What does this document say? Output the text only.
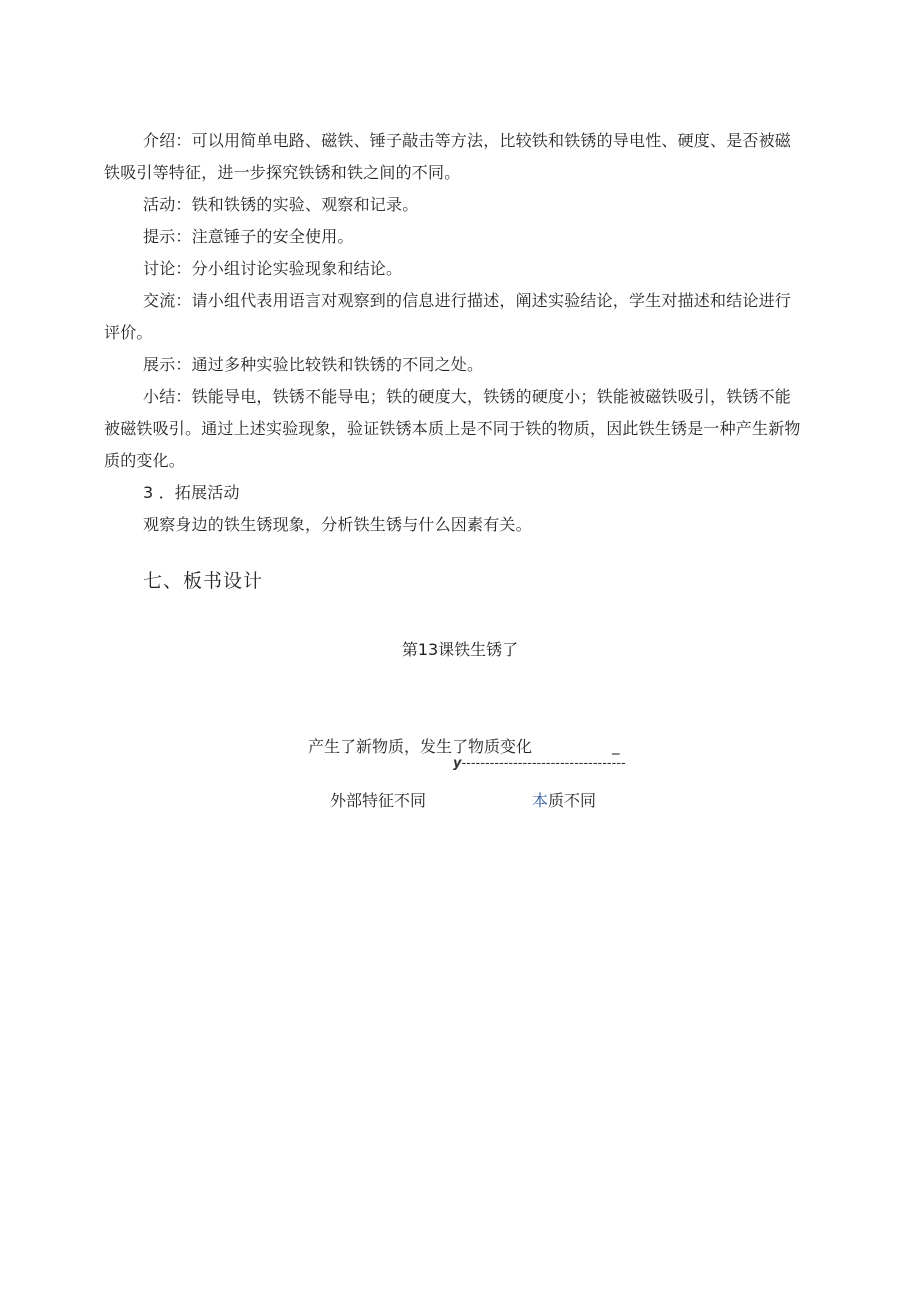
介绍：可以用简单电路、磁铁、锤子敲击等方法，比较铁和铁锈的导电性、硬度、是否被磁
铁吸引等特征，进一步探究铁锈和铁之间的不同。
活动：铁和铁锈的实验、观察和记录。
提示：注意锤子的安全使用。
讨论：分小组讨论实验现象和结论。
交流：请小组代表用语言对观察到的信息进行描述，阐述实验结论，学生对描述和结论进行
评价。
展示：通过多种实验比较铁和铁锈的不同之处。
小结：铁能导电，铁锈不能导电；铁的硬度大，铁锈的硬度小；铁能被磁铁吸引，铁锈不能
被磁铁吸引。通过上述实验现象，验证铁锈本质上是不同于铁的物质，因此铁生锈是一种产生新物
质的变化。
3 ．拓展活动
观察身边的铁生锈现象，分析铁生锈与什么因素有关。
七、板书设计
第13课铁生锈了
产生了新物质，发生了物质变化	_
y-----------------------------------
外部特征不同	本质不同
